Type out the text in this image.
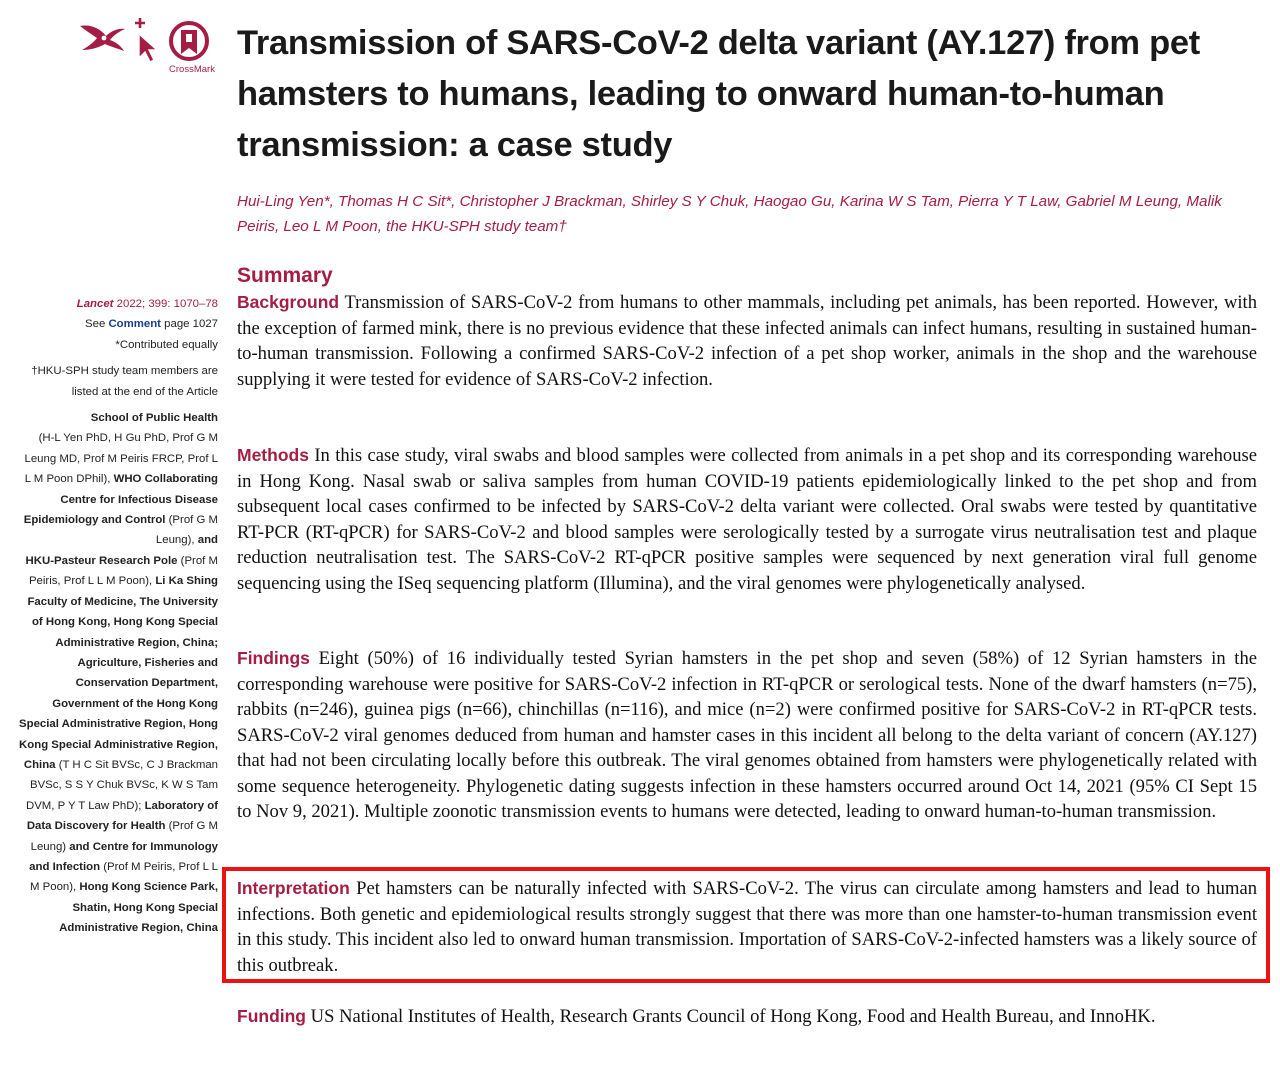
CrossMark
Transmission of SARS-CoV-2 delta variant (AY.127) from pet hamsters to humans, leading to onward human-to-human transmission: a case study
Hui-Ling Yen*, Thomas H C Sit*, Christopher J Brackman, Shirley S Y Chuk, Haogao Gu, Karina W S Tam, Pierra Y T Law, Gabriel M Leung, Malik Peiris, Leo L M Poon, the HKU-SPH study team†

Lancet 2022; 399: 1070–78

See Comment page 1027

*Contributed equally

†HKU-SPH study team members are listed at the end of the Article

School of Public Health
(H-L Yen PhD, H Gu PhD, Prof G M Leung MD, Prof M Peiris FRCP, Prof L L M Poon DPhil), WHO Collaborating Centre for Infectious Disease Epidemiology and Control (Prof G M Leung), and
HKU-Pasteur Research Pole (Prof M Peiris, Prof L L M Poon), Li Ka Shing Faculty of Medicine, The University of Hong Kong, Hong Kong Special Administrative Region, China; Agriculture, Fisheries and Conservation Department, Government of the Hong Kong Special Administrative Region, Hong Kong Special Administrative Region, China (T H C Sit BVSc, C J Brackman BVSc, S S Y Chuk BVSc, K W S Tam DVM, P Y T Law PhD); Laboratory of Data Discovery for Health (Prof G M Leung) and Centre for Immunology and Infection (Prof M Peiris, Prof L L M Poon), Hong Kong Science Park, Shatin, Hong Kong Special Administrative Region, China

Summary

Background Transmission of SARS-CoV-2 from humans to other mammals, including pet animals, has been reported. However, with the exception of farmed mink, there is no previous evidence that these infected animals can infect humans, resulting in sustained human-to-human transmission. Following a confirmed SARS-CoV-2 infection of a pet shop worker, animals in the shop and the warehouse supplying it were tested for evidence of SARS-CoV-2 infection.

Methods In this case study, viral swabs and blood samples were collected from animals in a pet shop and its corresponding warehouse in Hong Kong. Nasal swab or saliva samples from human COVID-19 patients epidemiologically linked to the pet shop and from subsequent local cases confirmed to be infected by SARS-CoV-2 delta variant were collected. Oral swabs were tested by quantitative RT-PCR (RT-qPCR) for SARS-CoV-2 and blood samples were serologically tested by a surrogate virus neutralisation test and plaque reduction neutralisation test. The SARS-CoV-2 RT-qPCR positive samples were sequenced by next generation viral full genome sequencing using the ISeq sequencing platform (Illumina), and the viral genomes were phylogenetically analysed.

Findings Eight (50%) of 16 individually tested Syrian hamsters in the pet shop and seven (58%) of 12 Syrian hamsters in the corresponding warehouse were positive for SARS-CoV-2 infection in RT-qPCR or serological tests. None of the dwarf hamsters (n=75), rabbits (n=246), guinea pigs (n=66), chinchillas (n=116), and mice (n=2) were confirmed positive for SARS-CoV-2 in RT-qPCR tests. SARS-CoV-2 viral genomes deduced from human and hamster cases in this incident all belong to the delta variant of concern (AY.127) that had not been circulating locally before this outbreak. The viral genomes obtained from hamsters were phylogenetically related with some sequence heterogeneity. Phylogenetic dating suggests infection in these hamsters occurred around Oct 14, 2021 (95% CI Sept 15 to Nov 9, 2021). Multiple zoonotic transmission events to humans were detected, leading to onward human-to-human transmission.

Interpretation Pet hamsters can be naturally infected with SARS-CoV-2. The virus can circulate among hamsters and lead to human infections. Both genetic and epidemiological results strongly suggest that there was more than one hamster-to-human transmission event in this study. This incident also led to onward human transmission. Importation of SARS-CoV-2-infected hamsters was a likely source of this outbreak.

Funding US National Institutes of Health, Research Grants Council of Hong Kong, Food and Health Bureau, and InnoHK.
